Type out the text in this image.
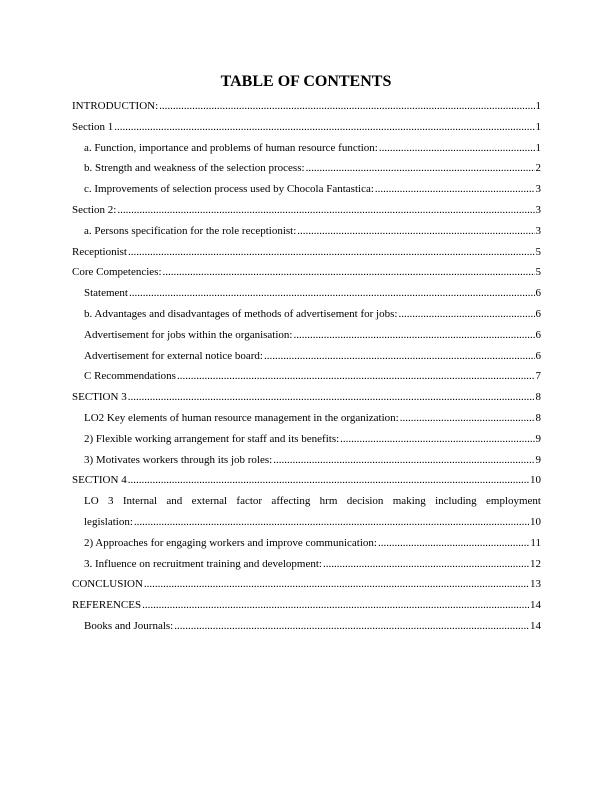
TABLE OF CONTENTS
INTRODUCTION: .....	1
Section 1 .....	1
a. Function, importance and problems of human resource function: .....	1
b. Strength and weakness of the selection process: .....	2
c. Improvements of selection process used by Chocola Fantastica: .....	3
Section 2: .....	3
a. Persons specification for the role receptionist: .....	3
Receptionist .....	5
Core Competencies: .....	5
Statement .....	6
b. Advantages and disadvantages of methods of advertisement for jobs: .....	6
Advertisement for jobs within the organisation: .....	6
Advertisement for external notice board: .....	6
C Recommendations .....	7
SECTION 3 .....	8
LO2 Key elements of human resource management in the organization: .....	8
2) Flexible working arrangement for staff and its benefits: .....	9
3) Motivates workers through its job roles: .....	9
SECTION 4 .....	10
LO 3 Internal and external factor affecting hrm decision making including employment
legislation: .....	10
2) Approaches for engaging workers and improve communication: .....	11
3. Influence on recruitment training and development: .....	12
CONCLUSION .....	13
REFERENCES .....	14
Books and Journals: .....	14
